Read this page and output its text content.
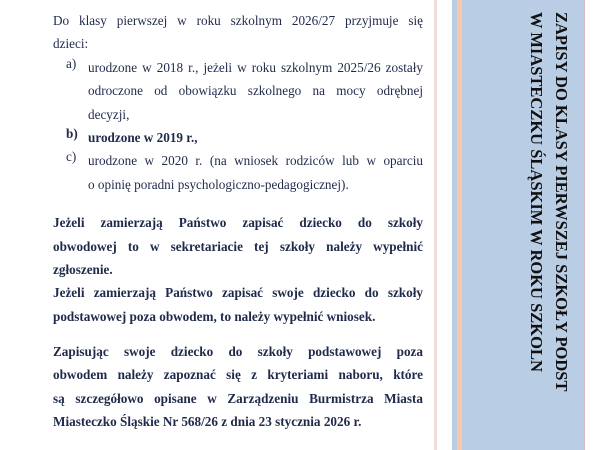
Do klasy pierwszej w roku szkolnym 2026/27 przyjmuje się
dzieci:
a) urodzone w 2018 r., jeżeli w roku szkolnym 2025/26 zostały
odroczone od obowiązku szkolnego na mocy odrębnej
decyzji,
b) urodzone w 2019 r.,
c) urodzone w 2020 r. (na wniosek rodziców lub w oparciu
o opinię poradni psychologiczno-pedagogicznej).
Jeżeli zamierzają Państwo zapisać dziecko do szkoły
obwodowej to w sekretariacie tej szkoły należy wypełnić
zgłoszenie.
Jeżeli zamierzają Państwo zapisać swoje dziecko do szkoły
podstawowej poza obwodem, to należy wypełnić wniosek.
Zapisując swoje dziecko do szkoły podstawowej poza
obwodem należy zapoznać się z kryteriami naboru, które
są szczegółowo opisane w Zarządzeniu Burmistrza Miasta
Miasteczko Śląskie Nr 568/26 z dnia 23 stycznia 2026 r.
ZAPISY DO KLASY PIERWSZEJ SZKOŁY PODST
W MIASTECZKU ŚLĄSKIM W ROKU SZKOLN
